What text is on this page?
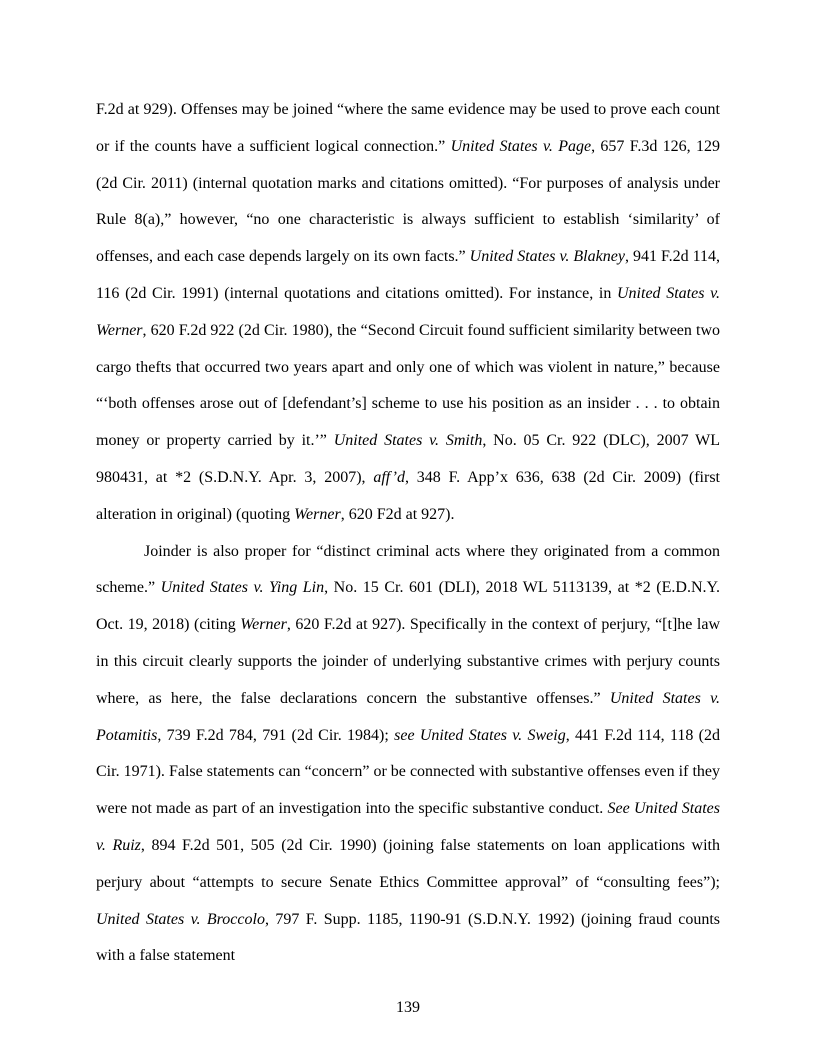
F.2d at 929). Offenses may be joined “where the same evidence may be used to prove each count or if the counts have a sufficient logical connection.” United States v. Page, 657 F.3d 126, 129 (2d Cir. 2011) (internal quotation marks and citations omitted). “For purposes of analysis under Rule 8(a),” however, “no one characteristic is always sufficient to establish ‘similarity’ of offenses, and each case depends largely on its own facts.” United States v. Blakney, 941 F.2d 114, 116 (2d Cir. 1991) (internal quotations and citations omitted). For instance, in United States v. Werner, 620 F.2d 922 (2d Cir. 1980), the “Second Circuit found sufficient similarity between two cargo thefts that occurred two years apart and only one of which was violent in nature,” because “‘both offenses arose out of [defendant’s] scheme to use his position as an insider . . . to obtain money or property carried by it.’” United States v. Smith, No. 05 Cr. 922 (DLC), 2007 WL 980431, at *2 (S.D.N.Y. Apr. 3, 2007), aff’d, 348 F. App’x 636, 638 (2d Cir. 2009) (first alteration in original) (quoting Werner, 620 F2d at 927).

Joinder is also proper for “distinct criminal acts where they originated from a common scheme.” United States v. Ying Lin, No. 15 Cr. 601 (DLI), 2018 WL 5113139, at *2 (E.D.N.Y. Oct. 19, 2018) (citing Werner, 620 F.2d at 927). Specifically in the context of perjury, “[t]he law in this circuit clearly supports the joinder of underlying substantive crimes with perjury counts where, as here, the false declarations concern the substantive offenses.” United States v. Potamitis, 739 F.2d 784, 791 (2d Cir. 1984); see United States v. Sweig, 441 F.2d 114, 118 (2d Cir. 1971). False statements can “concern” or be connected with substantive offenses even if they were not made as part of an investigation into the specific substantive conduct. See United States v. Ruiz, 894 F.2d 501, 505 (2d Cir. 1990) (joining false statements on loan applications with perjury about “attempts to secure Senate Ethics Committee approval” of “consulting fees”); United States v. Broccolo, 797 F. Supp. 1185, 1190-91 (S.D.N.Y. 1992) (joining fraud counts with a false statement

139
